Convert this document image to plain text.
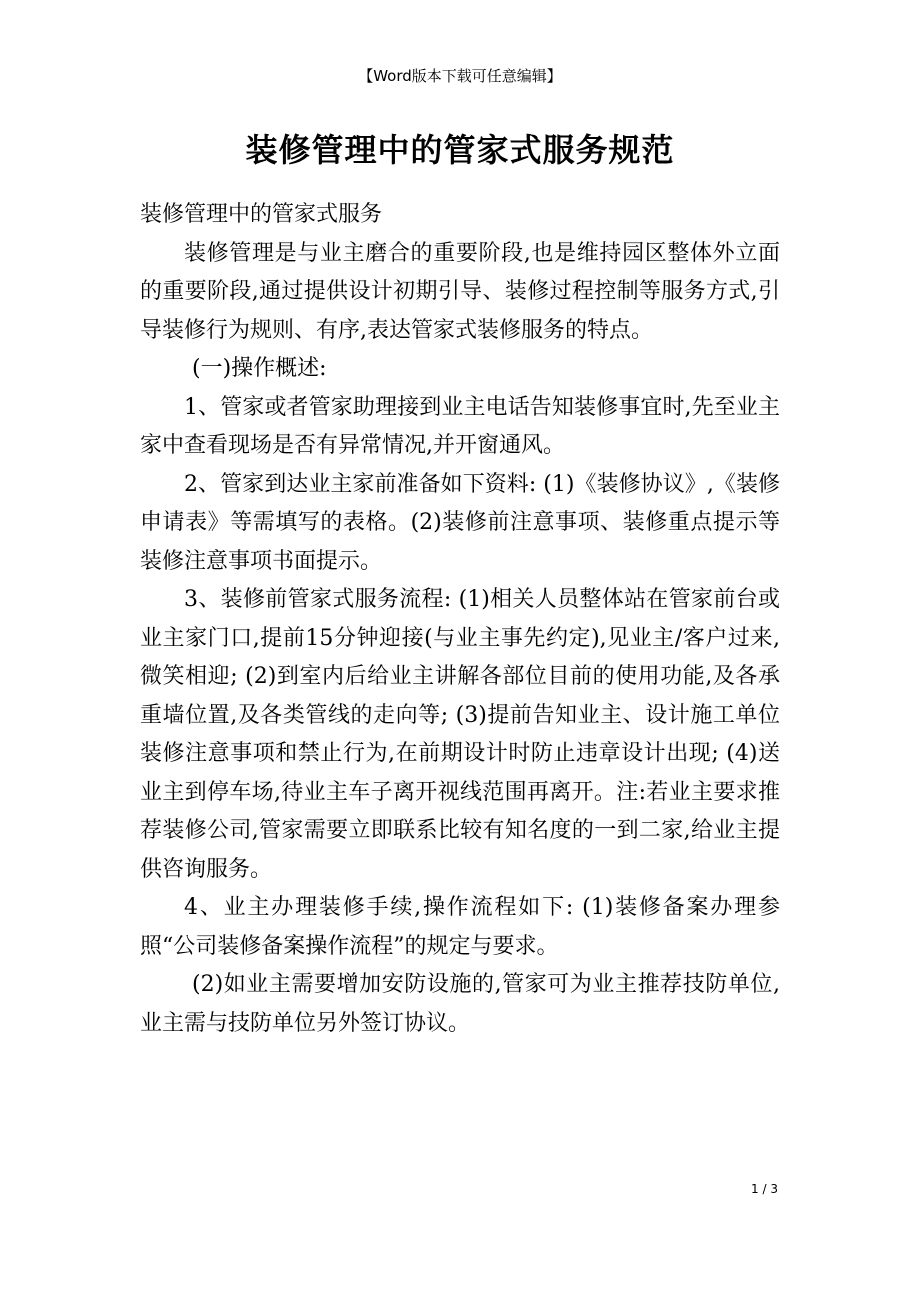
【Word版本下载可任意编辑】
装修管理中的管家式服务规范

装修管理中的管家式服务

装修管理是与业主磨合的重要阶段,也是维持园区整体外立面的重要阶段,通过提供设计初期引导、装修过程控制等服务方式,引导装修行为规则、有序,表达管家式装修服务的特点。

(一)操作概述:

1、管家或者管家助理接到业主电话告知装修事宜时,先至业主家中查看现场是否有异常情况,并开窗通风。

2、管家到达业主家前准备如下资料: (1)《装修协议》,《装修申请表》等需填写的表格。(2)装修前注意事项、装修重点提示等装修注意事项书面提示。

3、装修前管家式服务流程: (1)相关人员整体站在管家前台或业主家门口,提前15分钟迎接(与业主事先约定),见业主/客户过来,微笑相迎; (2)到室内后给业主讲解各部位目前的使用功能,及各承重墙位置,及各类管线的走向等; (3)提前告知业主、设计施工单位装修注意事项和禁止行为,在前期设计时防止违章设计出现; (4)送业主到停车场,待业主车子离开视线范围再离开。注:若业主要求推荐装修公司,管家需要立即联系比较有知名度的一到二家,给业主提供咨询服务。

4、业主办理装修手续,操作流程如下: (1)装修备案办理参照“公司装修备案操作流程”的规定与要求。

(2)如业主需要增加安防设施的,管家可为业主推荐技防单位,业主需与技防单位另外签订协议。

1 / 3
